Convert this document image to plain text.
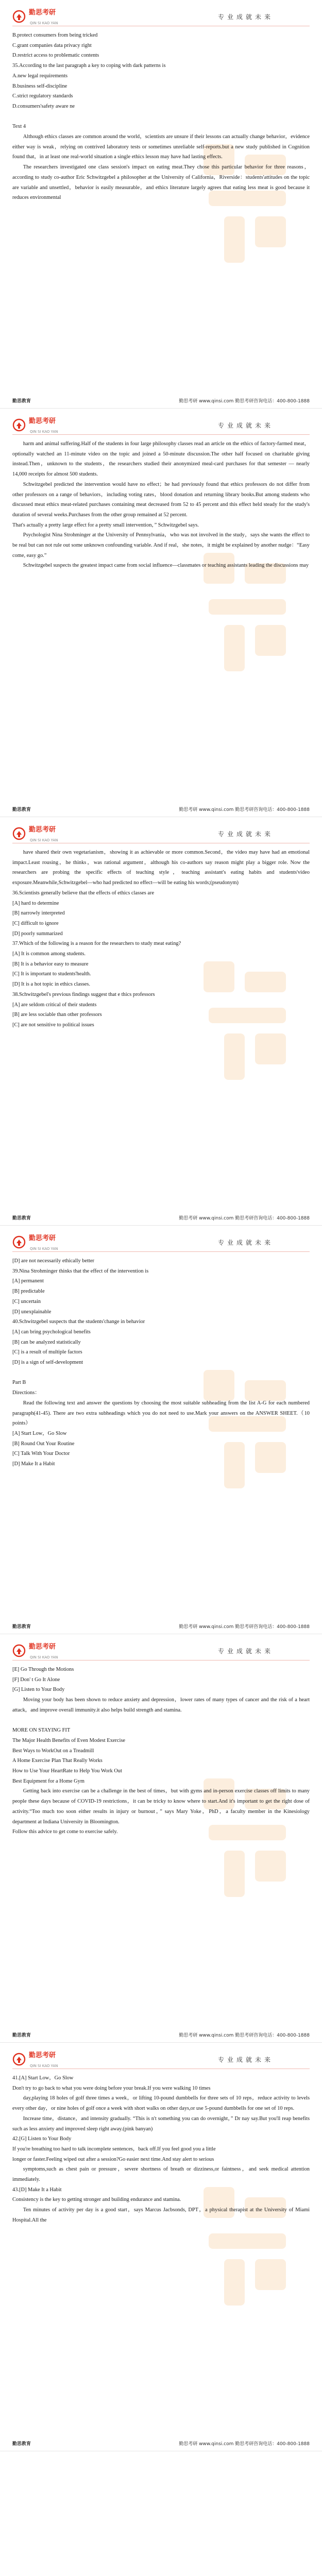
勤思考研
QIN SI KAO YAN
专业成就未来

B.protect consumers from being tricked

C.grant companies data privacy right

D.restrict access to problematic contents

35.According to the last paragraph a key to coping with dark patterns is

A.new legal requirements

B.business self-discipline

C.strict regulatory standards

D.consumers'safety aware ne

Text 4

Although ethics classes are common around the world，scientists are unsure if their lessons can actually change behavior，evidence either way is weak，relying on contrived laboratory tests or sometimes unreliable self-reports.but a new study published in Cognition found that，in at least one real-world situation a single ethics lesson may have had lasting effects.

The researchers investigated one class session's impact on eating meat.They chose this particular behavior for three reasons，according to study co-author Eric Schwitzgebel a philosopher at the University of California，Riverside：students'attitudes on the topic are variable and unsettled，behavior is easily measurable，and ethics literature largely agrees that eating less meat is good because it reduces environmental

勤思教育	勤思考研 www.qinsi.com 勤思考研咨询电话：400-800-1888
勤思考研
QIN SI KAO YAN
专业成就未来

harm and animal suffering.Half of the students in four large philosophy classes read an article on the ethics of factory-farmed meat，optionally watched an 11-minute video on the topic and joined a 50-minute discussion.The other half focused on charitable giving instead.Then，unknown to the students，the researchers studied their anonymized meal-card purchases for that semester — nearly 14,000 receipts for almost 500 students.

Schwitzgebel predicted the intervention would have no effect；he had previously found that ethics professors do not differ from other professors on a range of behaviors，including voting rates，blood donation and returning library books.But among students who discussed meat ethics meat-related purchases containing meat decreased from 52 to 45 percent and this effect held steady for the study's duration of several weeks.Purchases from the other group remained at 52 percent.

That's actually a pretty large effect for a pretty small intervention，” Schwitzgebel says.

Psychologist Nina Strohminger at the University of Pennsylvania，who was not involved in the study，says she wants the effect to be real but can not rule out some unknown confounding variable. And if real，she notes，it might be explained by another nudge：“Easy come, easy go.”

Schwitzgebel suspects the greatest impact came from social influence—classmates or teaching assistants leading the discussions may

勤思教育	勤思考研 www.qinsi.com 勤思考研咨询电话：400-800-1888
勤思考研
QIN SI KAO YAN
专业成就未来

have shared their own vegetarianism，showing it as achievable or more common.Second，the video may have had an emotional impact.Least rousing，he thinks，was rational argument，although his co-authors say reason might play a bigger role. Now the researchers are probing the specific effects of teaching style，teaching assistant's eating habits and students'video exposure.Meanwhile,Schwitzgebel—who had predicted no effect—will be eating his words;(pseudonym)

36.Scientists generally believe that the effects of ethics classes are

[A] hard to determine

[B] narrowly interpreted

[C] difficult to ignore

[D] poorly summarized

37.Which of the following is a reason for the researchers to study meat eating?

[A] It is common among students.

[B] It is a behavior easy to measure

[C] It is important to students'health.

[D] It is a hot topic in ethics classes.

38.Schwitzgebel's previous findings suggest that e thics professors

[A] are seldom critical of their students

[B] are less sociable than other professors

[C] are not sensitive to political issues

勤思教育	勤思考研 www.qinsi.com 勤思考研咨询电话：400-800-1888
勤思考研
QIN SI KAO YAN
专业成就未来

[D] are not necessarily ethically better

39.Nina Strohminger thinks that the effect of the intervention is

[A] permanent

[B] predictable

[C] uncertain

[D] unexplainable

40.Schwitzgebel suspects that the students'change in behavior

[A] can bring psychological benefits

[B] can be analyzed statistically

[C] is a result of multiple factors

[D] is a sign of self-development

Part B

Directions：

Read the following text and answer the questions by choosing the most suitable subheading from the list A-G for each numbered paragraph(41-45). There are two extra subheadings which you do not need to use.Mark your answers on the ANSWER SHEET.（10 points）

[A] Start Low，Go Slow

[B] Round Out Your Routine

[C] Talk With Your Doctor

[D] Make It a Habit

勤思教育	勤思考研 www.qinsi.com 勤思考研咨询电话：400-800-1888
勤思考研
QIN SI KAO YAN
专业成就未来

[E] Go Through the Motions

[F] Don' t Go It Alone

[G] Listen to Your Body

Moving your body has been shown to reduce anxiety and depression，lower rates of many types of cancer and the risk of a heart attack，and improve overall immunity.it also helps build strength and stamina.

MORE ON STAYING FIT

The Major Health Benefits of Even Modest Exercise

Best Ways to WorkOut on a Treadmill

A Home Exercise Plan That Really Works

How to Use Your HeartRate to Help You Work Out

Best Equipment for a Home Gym

Getting back into exercise can be a challenge in the best of times，but with gyms and in-person exercise classes off limits to many people these days because of COVID-19 restrictions，it can be tricky to know where to start.And it's important to get the right dose of activity.“Too much too soon either results in injury or burnout，” says Mary Yoke，PhD，a faculty member in the Kinesiology department at Indiana University in Bloomington.

Follow this advice to get come to exercise safely.

勤思教育	勤思考研 www.qinsi.com 勤思考研咨询电话：400-800-1888
勤思考研
QIN SI KAO YAN
专业成就未来

41.[A] Start Low，Go Slow

Don't try to go back to what you were doing before your break.If you were walking 10 times

day,playing 18 holes of golf three times a week，or lifting 10-pound dumbbells for three sets of 10 reps，reduce activity to levels every other day，or nine holes of golf once a week with short walks on other days,or use 5-pound dumbbells for one set of 10 reps.

Increase time，distance，and intensity gradually. “This is n't something you can do overnight，” Dr nay say.But you'll reap benefits such as less anxiety and improved sleep right away.(pink banyan)

42.[G] Listen to Your Body

If you're breathing too hard to talk incomplete sentences，back off.If you feel good you a little

longer or faster.Feeling wiped out after a session?Go easier next time.And stay alert to serious

symptoms,such as chest pain or pressure，severe shortness of breath or dizziness,or faintness，and seek medical attention immediately.

43.[D] Make It a Habit

Consistency is the key to getting stronger and building endurance and stamina.

Ten minutes of activity per day is a good start，says Marcus Jacbsonds, DPT，a physical therapist at the University of Miami Hospital.All the

勤思教育	勤思考研 www.qinsi.com 勤思考研咨询电话：400-800-1888
